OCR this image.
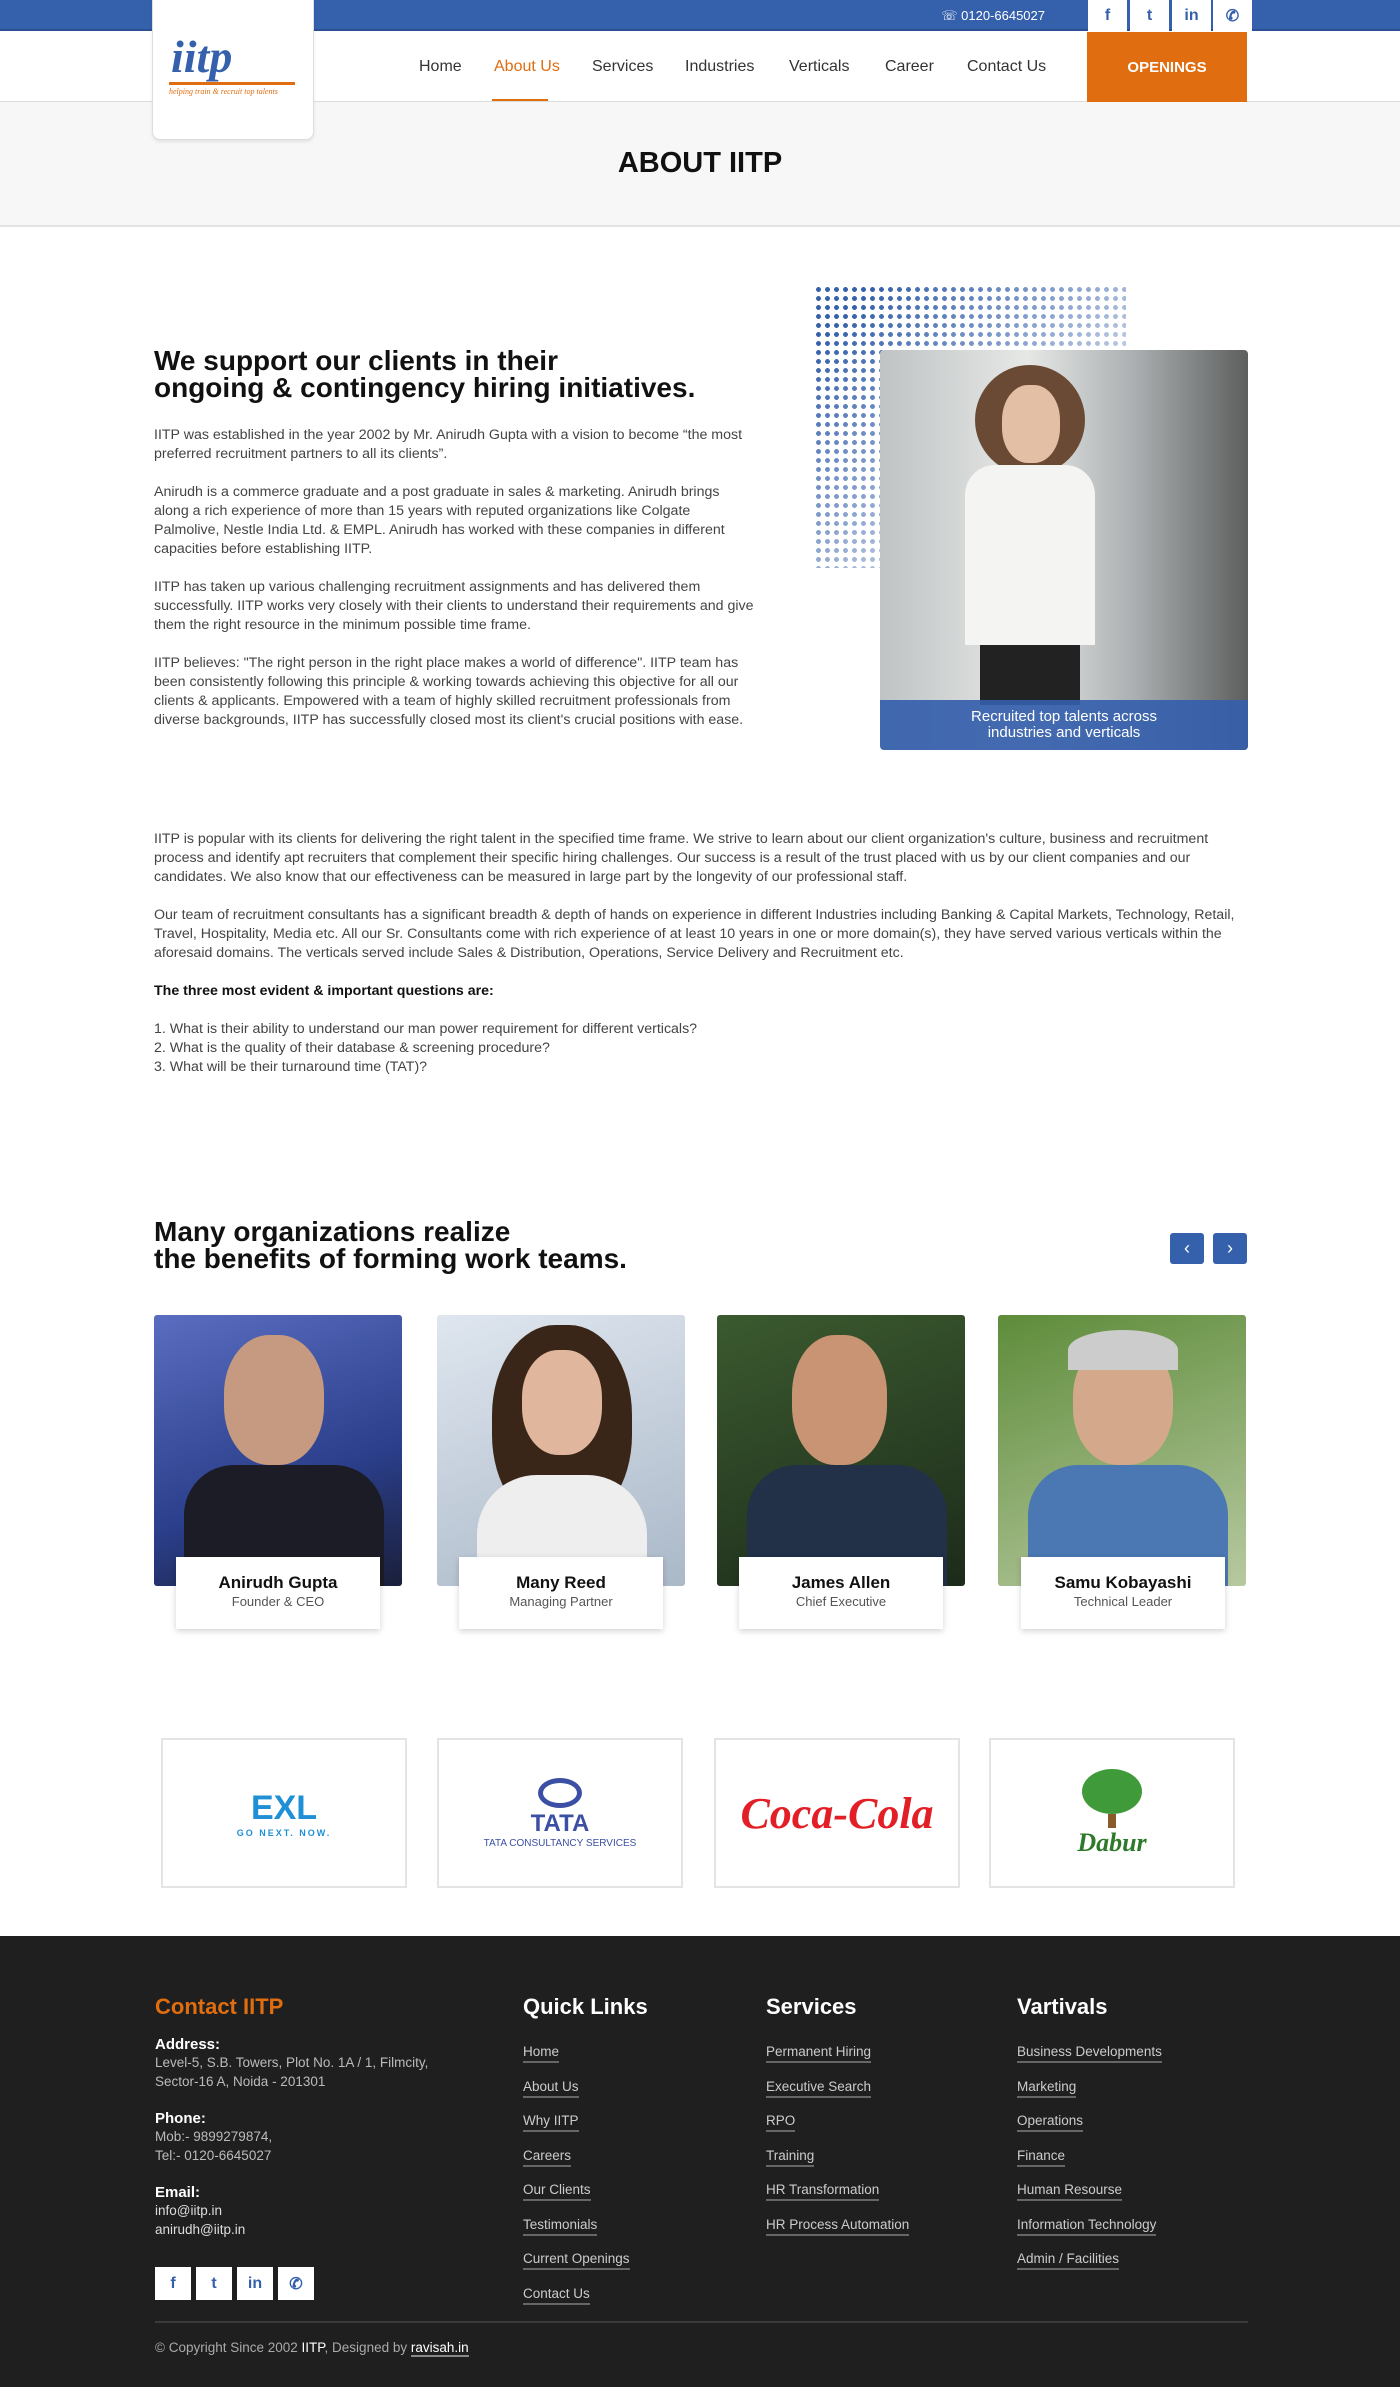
☏ 0120-6645027	f	t	in	✆
iitp
helping train & recruit top talents
Home About Us Services Industries Verticals Career Contact Us	OPENINGS
ABOUT IITP
We support our clients in their
ongoing & contingency hiring initiatives.

IITP was established in the year 2002 by Mr. Anirudh Gupta with a vision to become “the most preferred recruitment partners to all its clients”.

Anirudh is a commerce graduate and a post graduate in sales & marketing. Anirudh brings along a rich experience of more than 15 years with reputed organizations like Colgate Palmolive, Nestle India Ltd. & EMPL. Anirudh has worked with these companies in different capacities before establishing IITP.

IITP has taken up various challenging recruitment assignments and has delivered them successfully. IITP works very closely with their clients to understand their requirements and give them the right resource in the minimum possible time frame.

IITP believes: "The right person in the right place makes a world of difference". IITP team has been consistently following this principle & working towards achieving this objective for all our clients & applicants. Empowered with a team of highly skilled recruitment professionals from diverse backgrounds, IITP has successfully closed most its client's crucial positions with ease.	Recruited top talents across
industries and verticals

IITP is popular with its clients for delivering the right talent in the specified time frame. We strive to learn about our client organization's culture, business and recruitment process and identify apt recruiters that complement their specific hiring challenges. Our success is a result of the trust placed with us by our client companies and our candidates. We also know that our effectiveness can be measured in large part by the longevity of our professional staff.

Our team of recruitment consultants has a significant breadth & depth of hands on experience in different Industries including Banking & Capital Markets, Technology, Retail, Travel, Hospitality, Media etc. All our Sr. Consultants come with rich experience of at least 10 years in one or more domain(s), they have served various verticals within the aforesaid domains. The verticals served include Sales & Distribution, Operations, Service Delivery and Recruitment etc.

The three most evident & important questions are:

1. What is their ability to understand our man power requirement for different verticals?
2. What is the quality of their database & screening procedure?
3. What will be their turnaround time (TAT)?
Many organizations realize
the benefits of forming work teams.	‹	›
Anirudh Gupta
Founder & CEO
Many Reed
Managing Partner
James Allen
Chief Executive
Samu Kobayashi
Technical Leader
EXL
GO NEXT. NOW.	TATA
TATA CONSULTANCY SERVICES
Coca-Cola
Dabur
Contact IITP
Address:
Level-5, S.B. Towers, Plot No. 1A / 1, Filmcity,
Sector-16 A, Noida - 201301
Phone:
Mob:- 9899279874,
Tel:- 0120-6645027
Email:
info@iitp.in
anirudh@iitp.in
f	t	in	✆
Quick Links
Home
About Us
Why IITP
Careers
Our Clients
Testimonials
Current Openings
Contact Us
Services
Permanent Hiring
Executive Search
RPO
Training
HR Transformation
HR Process Automation
Vartivals
Business Developments
Marketing
Operations
Finance
Human Resourse
Information Technology
Admin / Facilities
© Copyright Since 2002 IITP, Designed by ravisah.in
